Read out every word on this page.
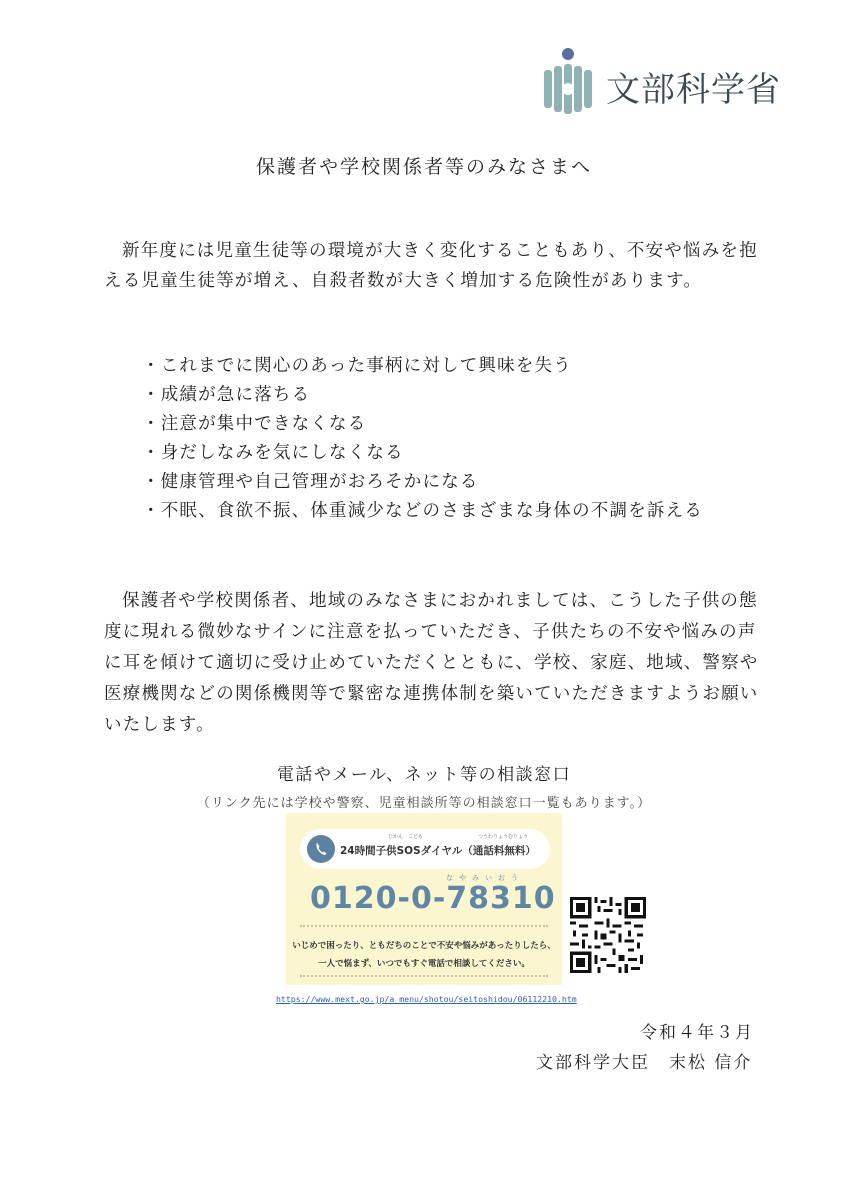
文部科学省
保護者や学校関係者等のみなさまへ
新年度には児童生徒等の環境が大きく変化することもあり、不安や悩みを抱える児童生徒等が増え、自殺者数が大きく増加する危険性があります。
・これまでに関心のあった事柄に対して興味を失う
・成績が急に落ちる
・注意が集中できなくなる
・身だしなみを気にしなくなる
・健康管理や自己管理がおろそかになる
・不眠、食欲不振、体重減少などのさまざまな身体の不調を訴える
保護者や学校関係者、地域のみなさまにおかれましては、こうした子供の態度に現れる微妙なサインに注意を払っていただき、子供たちの不安や悩みの声に耳を傾けて適切に受け止めていただくとともに、学校、家庭、地域、警察や医療機関などの関係機関等で緊密な連携体制を築いていただきますようお願いいたします。
電話やメール、ネット等の相談窓口
（リンク先には学校や警察、児童相談所等の相談窓口一覧もあります。）
じかん　こども　　　　　　　　　　　つうわりょうむりょう
24時間子供SOSダイヤル（通話料無料）
なやみいおう
0120-0-78310
いじめで困ったり、ともだちのことで不安や悩みがあったりしたら、
一人で悩まず、いつでもすぐ電話で相談してください。
https://www.mext.go.jp/a_menu/shotou/seitoshidou/06112210.htm
令和４年３月
文部科学大臣　末松 信介
